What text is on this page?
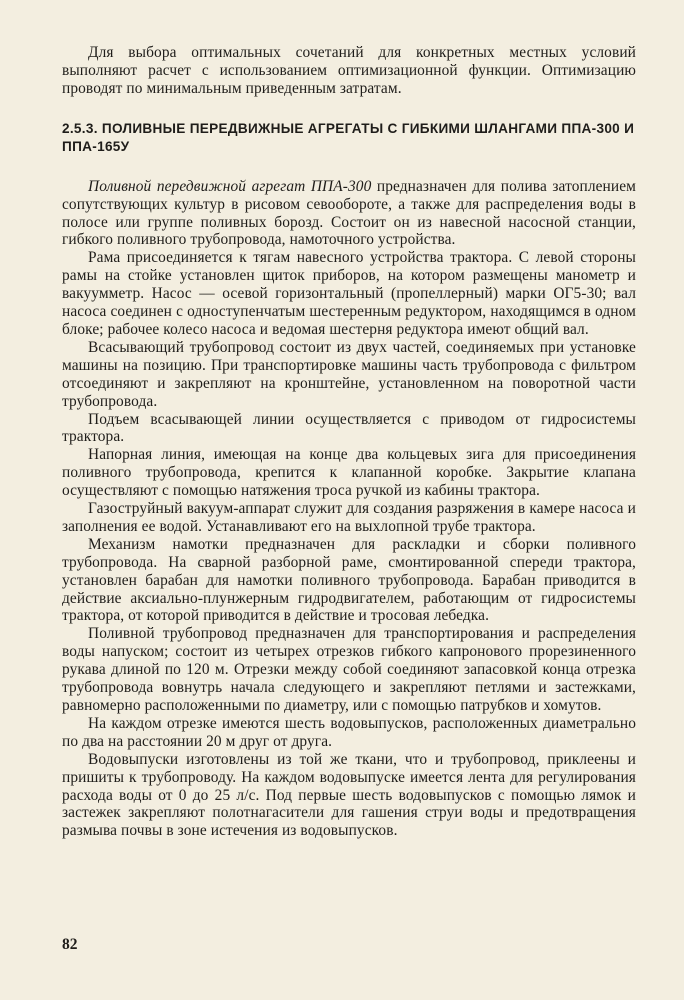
Для выбора оптимальных сочетаний для конкретных местных условий выполняют расчет с использованием оптимизационной функции. Оптимизацию проводят по минимальным приведенным затратам.

2.5.3. ПОЛИВНЫЕ ПЕРЕДВИЖНЫЕ АГРЕГАТЫ С ГИБКИМИ ШЛАНГАМИ ППА-300 И ППА-165У

Поливной передвижной агрегат ППА-300 предназначен для полива затоплением сопутствующих культур в рисовом севообороте, а также для распределения воды в полосе или группе поливных борозд. Состоит он из навесной насосной станции, гибкого поливного трубопровода, намоточного устройства.

Рама присоединяется к тягам навесного устройства трактора. С левой стороны рамы на стойке установлен щиток приборов, на котором размещены манометр и вакуумметр. Насос — осевой горизонтальный (пропеллерный) марки ОГ5-30; вал насоса соединен с одноступенчатым шестеренным редуктором, находящимся в одном блоке; рабочее колесо насоса и ведомая шестерня редуктора имеют общий вал.

Всасывающий трубопровод состоит из двух частей, соединяемых при установке машины на позицию. При транспортировке машины часть трубопровода с фильтром отсоединяют и закрепляют на кронштейне, установленном на поворотной части трубопровода.

Подъем всасывающей линии осуществляется с приводом от гидросистемы трактора.

Напорная линия, имеющая на конце два кольцевых зига для присоединения поливного трубопровода, крепится к клапанной коробке. Закрытие клапана осуществляют с помощью натяжения троса ручкой из кабины трактора.

Газоструйный вакуум-аппарат служит для создания разряжения в камере насоса и заполнения ее водой. Устанавливают его на выхлопной трубе трактора.

Механизм намотки предназначен для раскладки и сборки поливного трубопровода. На сварной разборной раме, смонтированной спереди трактора, установлен барабан для намотки поливного трубопровода. Барабан приводится в действие аксиально-плунжерным гидродвигателем, работающим от гидросистемы трактора, от которой приводится в действие и тросовая лебедка.

Поливной трубопровод предназначен для транспортирования и распределения воды напуском; состоит из четырех отрезков гибкого капронового прорезиненного рукава длиной по 120 м. Отрезки между собой соединяют запасовкой конца отрезка трубопровода вовнутрь начала следующего и закрепляют петлями и застежками, равномерно расположенными по диаметру, или с помощью патрубков и хомутов.

На каждом отрезке имеются шесть водовыпусков, расположенных диаметрально по два на расстоянии 20 м друг от друга.

Водовыпуски изготовлены из той же ткани, что и трубопровод, приклеены и пришиты к трубопроводу. На каждом водовыпуске имеется лента для регулирования расхода воды от 0 до 25 л/с. Под первые шесть водовыпусков с помощью лямок и застежек закрепляют полотнагасители для гашения струи воды и предотвращения размыва почвы в зоне истечения из водовыпусков.

82
